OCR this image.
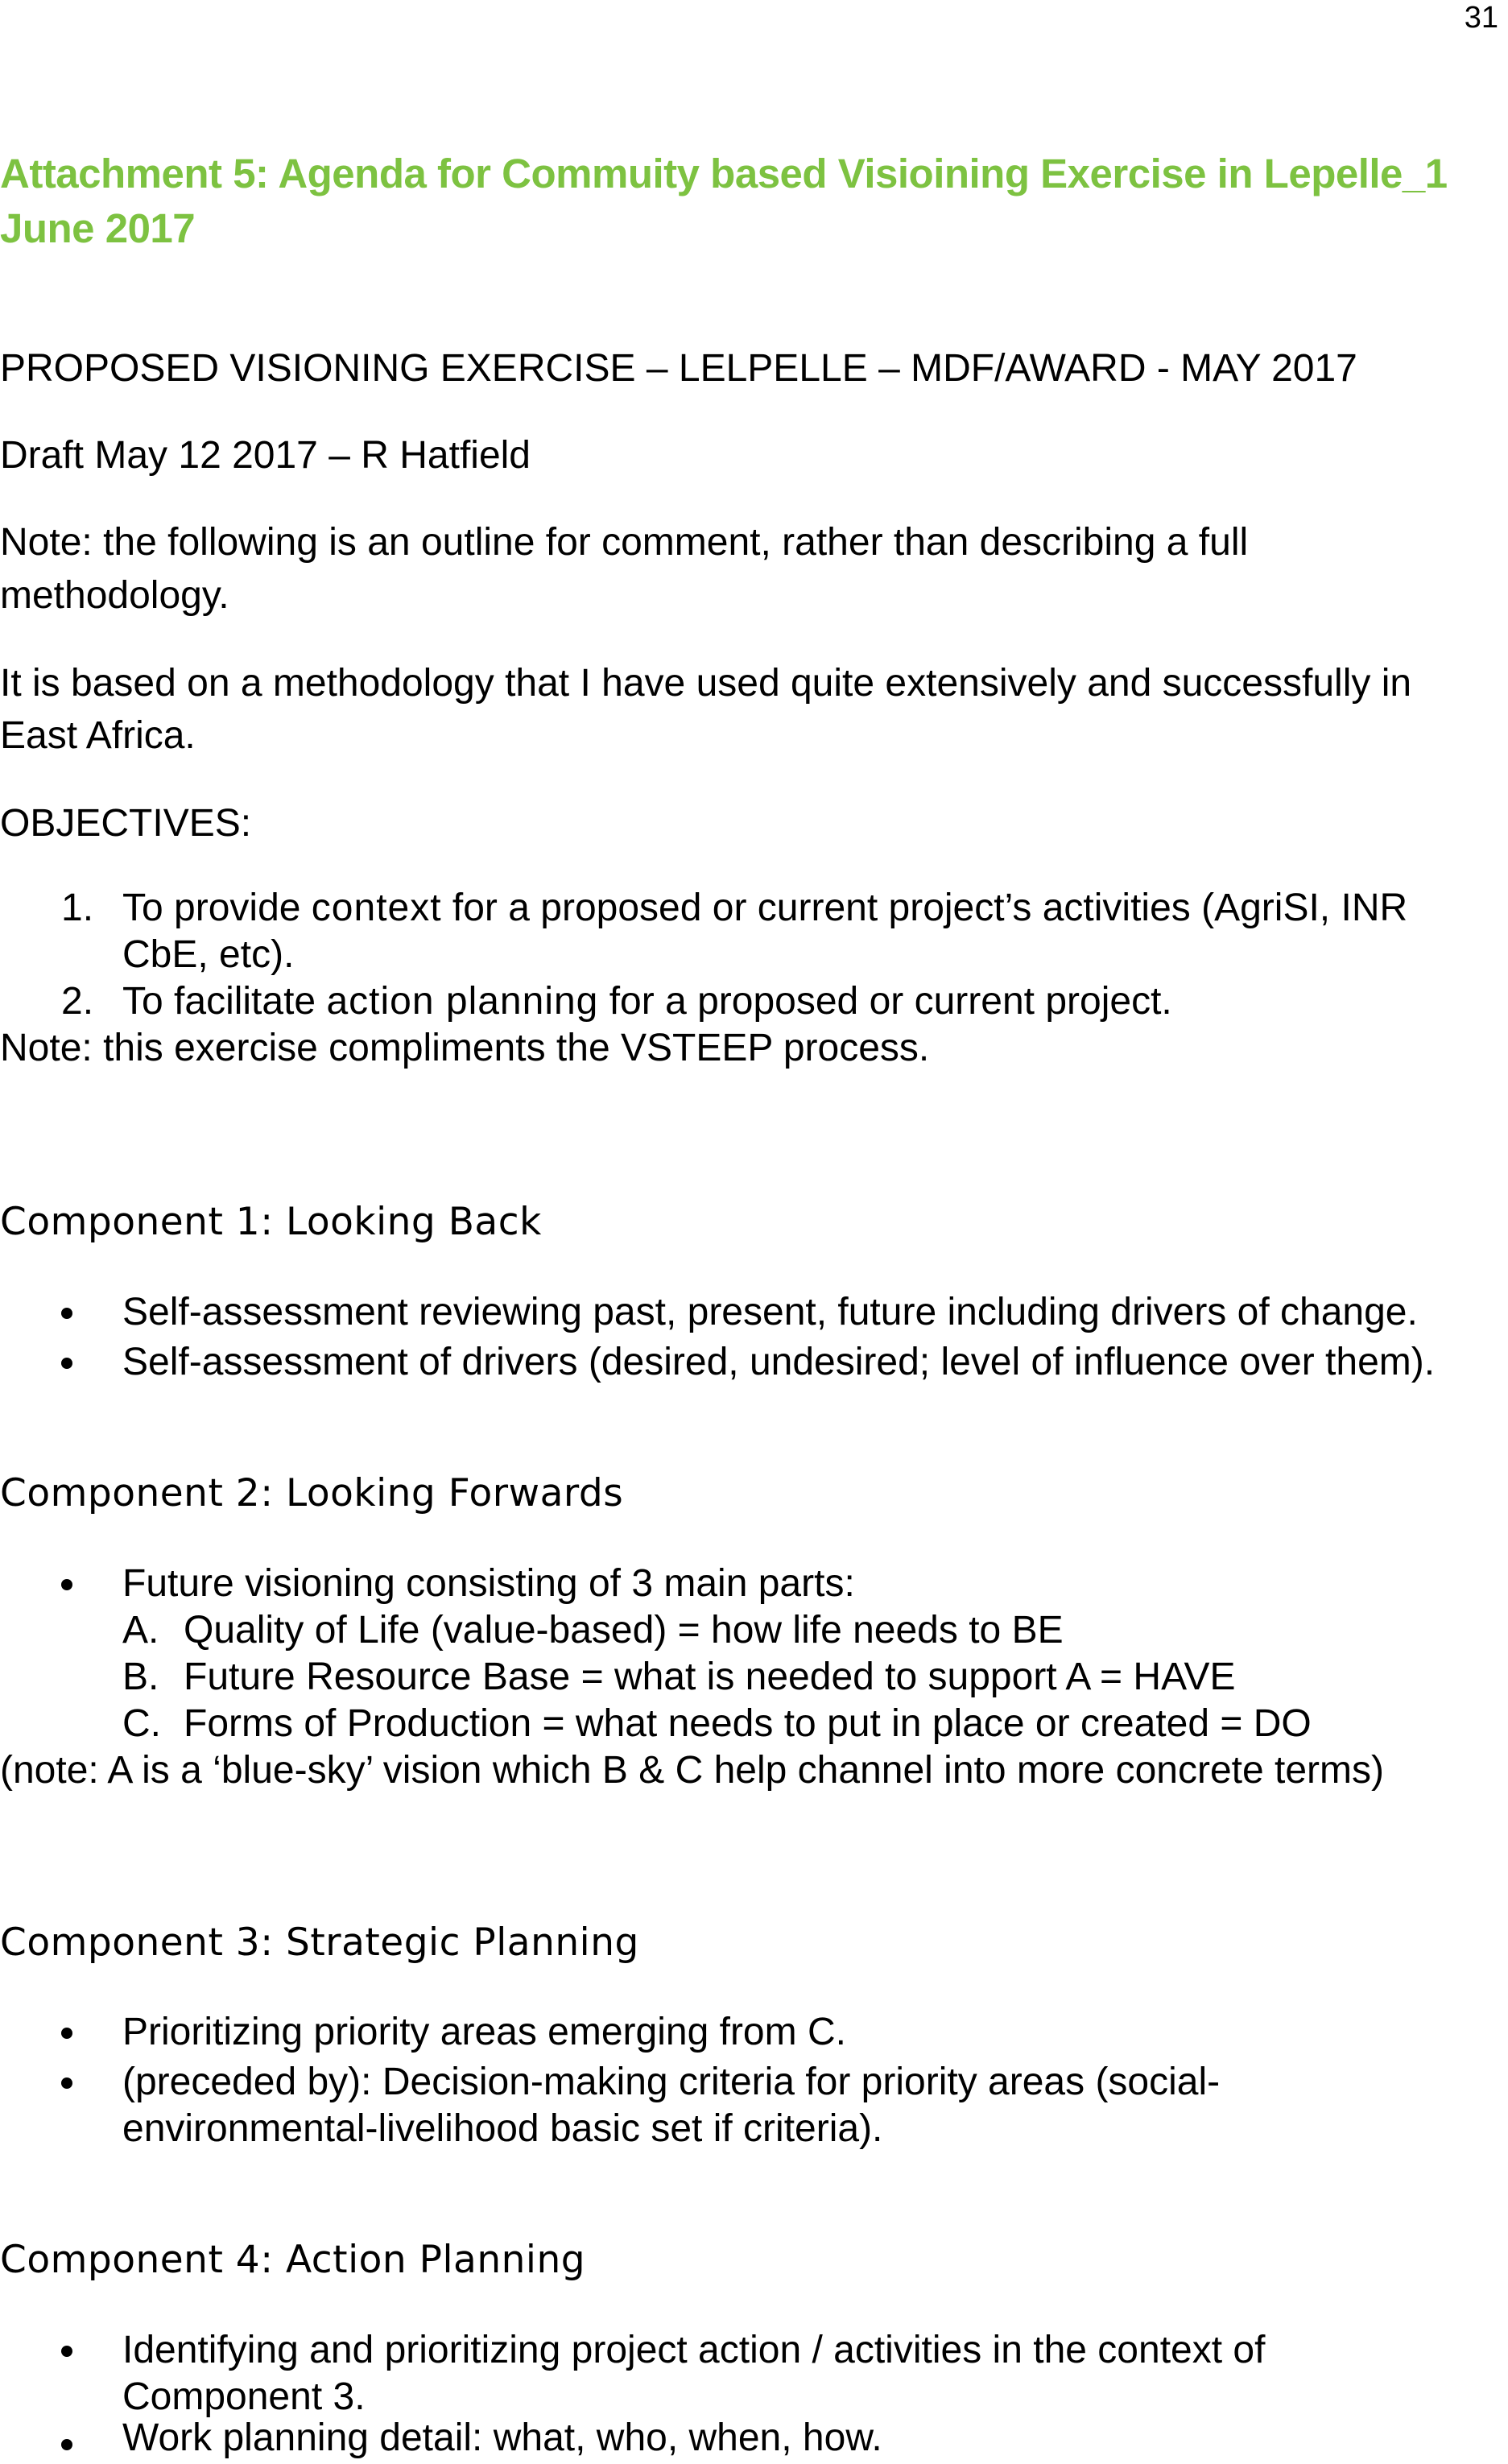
31
Attachment 5: Agenda for Commuity based Visioining Exercise in Lepelle_1 June 2017
PROPOSED VISIONING EXERCISE – LELPELLE – MDF/AWARD - MAY 2017
Draft May 12 2017 – R Hatfield
Note: the following is an outline for comment, rather than describing a full
methodology.
It is based on a methodology that I have used quite extensively and successfully in
East Africa.
OBJECTIVES:
1. To provide context for a proposed or current project’s activities (AgriSI, INR
CbE, etc).
2. To facilitate action planning for a proposed or current project.
Note: this exercise compliments the VSTEEP process.
Component 1: Looking Back
Self-assessment reviewing past, present, future including drivers of change.
Self-assessment of drivers (desired, undesired; level of influence over them).
Component 2: Looking Forwards
Future visioning consisting of 3 main parts:
A. Quality of Life (value-based) = how life needs to BE
B. Future Resource Base = what is needed to support A = HAVE
C. Forms of Production = what needs to put in place or created = DO
(note: A is a ‘blue-sky’ vision which B & C help channel into more concrete terms)
Component 3: Strategic Planning
Prioritizing priority areas emerging from C.
(preceded by): Decision-making criteria for priority areas (social-
environmental-livelihood basic set if criteria).
Component 4: Action Planning
Identifying and prioritizing project action / activities in the context of
Component 3.
Work planning detail: what, who, when, how.
